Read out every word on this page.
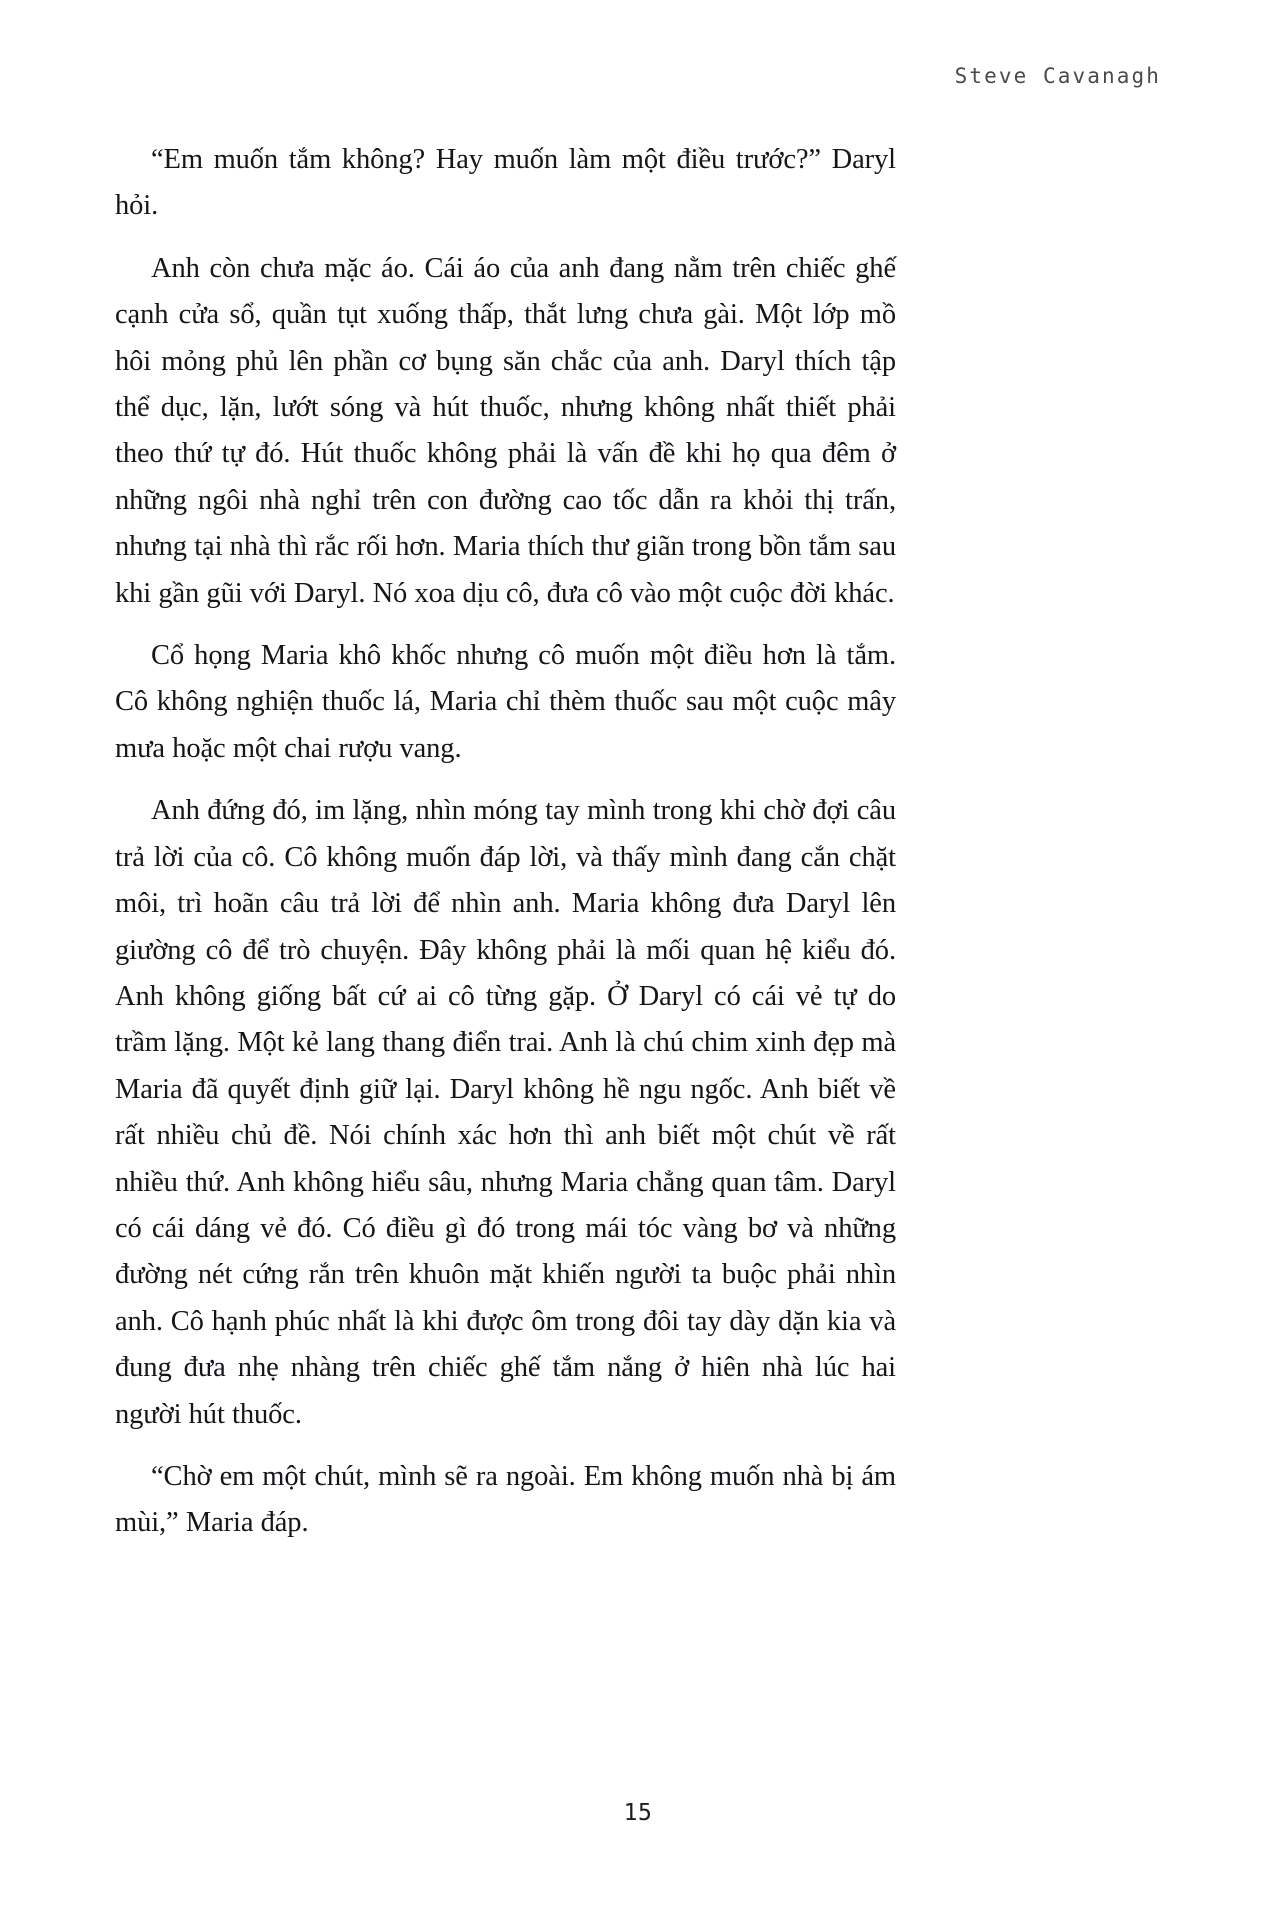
Steve Cavanagh

“Em muốn tắm không? Hay muốn làm một điều trước?” Daryl hỏi.

Anh còn chưa mặc áo. Cái áo của anh đang nằm trên chiếc ghế cạnh cửa sổ, quần tụt xuống thấp, thắt lưng chưa gài. Một lớp mồ hôi mỏng phủ lên phần cơ bụng săn chắc của anh. Daryl thích tập thể dục, lặn, lướt sóng và hút thuốc, nhưng không nhất thiết phải theo thứ tự đó. Hút thuốc không phải là vấn đề khi họ qua đêm ở những ngôi nhà nghỉ trên con đường cao tốc dẫn ra khỏi thị trấn, nhưng tại nhà thì rắc rối hơn. Maria thích thư giãn trong bồn tắm sau khi gần gũi với Daryl. Nó xoa dịu cô, đưa cô vào một cuộc đời khác.

Cổ họng Maria khô khốc nhưng cô muốn một điều hơn là tắm. Cô không nghiện thuốc lá, Maria chỉ thèm thuốc sau một cuộc mây mưa hoặc một chai rượu vang.

Anh đứng đó, im lặng, nhìn móng tay mình trong khi chờ đợi câu trả lời của cô. Cô không muốn đáp lời, và thấy mình đang cắn chặt môi, trì hoãn câu trả lời để nhìn anh. Maria không đưa Daryl lên giường cô để trò chuyện. Đây không phải là mối quan hệ kiểu đó. Anh không giống bất cứ ai cô từng gặp. Ở Daryl có cái vẻ tự do trầm lặng. Một kẻ lang thang điển trai. Anh là chú chim xinh đẹp mà Maria đã quyết định giữ lại. Daryl không hề ngu ngốc. Anh biết về rất nhiều chủ đề. Nói chính xác hơn thì anh biết một chút về rất nhiều thứ. Anh không hiểu sâu, nhưng Maria chẳng quan tâm. Daryl có cái dáng vẻ đó. Có điều gì đó trong mái tóc vàng bơ và những đường nét cứng rắn trên khuôn mặt khiến người ta buộc phải nhìn anh. Cô hạnh phúc nhất là khi được ôm trong đôi tay dày dặn kia và đung đưa nhẹ nhàng trên chiếc ghế tắm nắng ở hiên nhà lúc hai người hút thuốc.

“Chờ em một chút, mình sẽ ra ngoài. Em không muốn nhà bị ám mùi,” Maria đáp.

15
